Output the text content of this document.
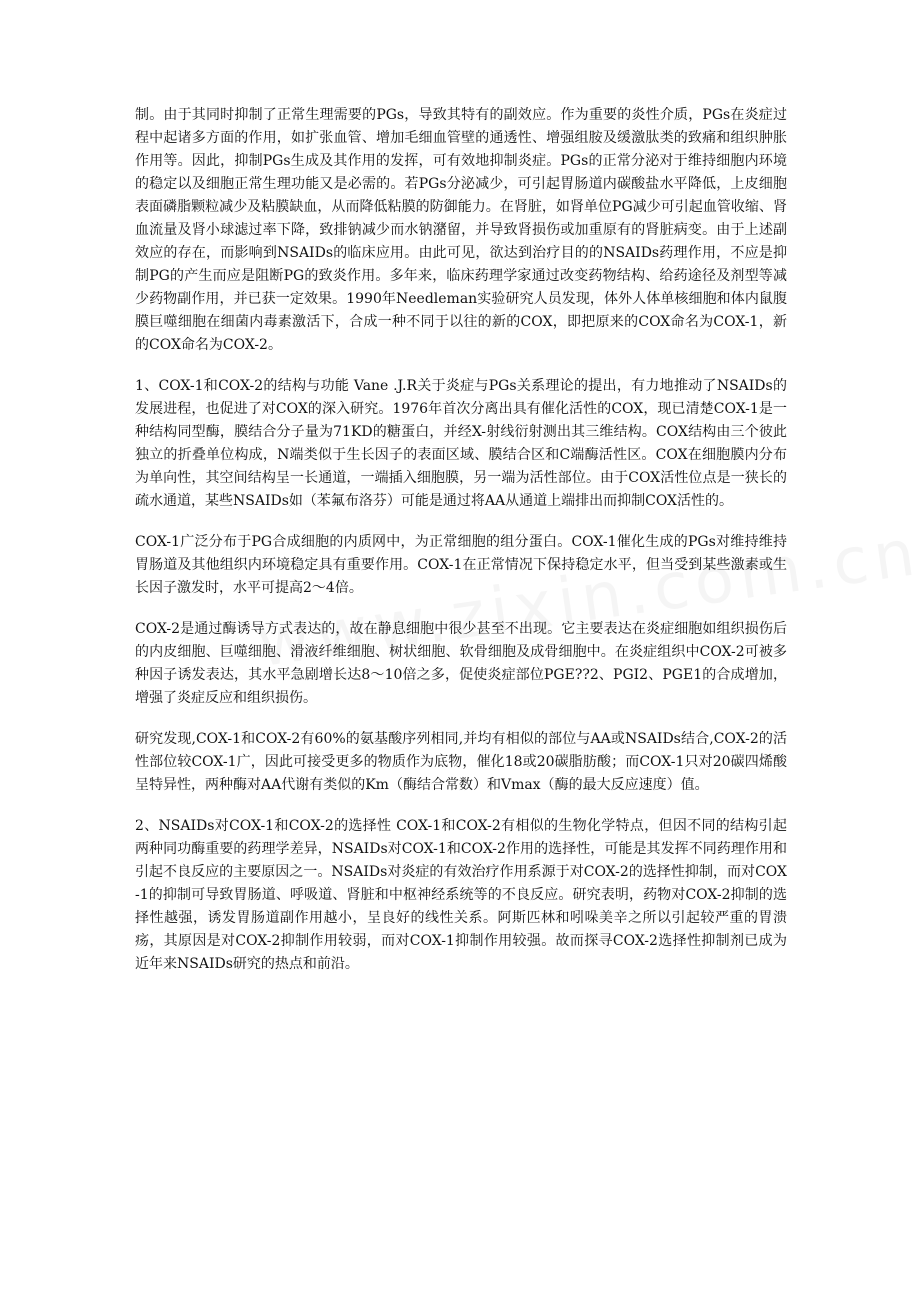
制。由于其同时抑制了正常生理需要的PGs，导致其特有的副效应。作为重要的炎性介质，PGs在炎症过程中起诸多方面的作用，如扩张血管、增加毛细血管壁的通透性、增强组胺及缓激肽类的致痛和组织肿胀作用等。因此，抑制PGs生成及其作用的发挥，可有效地抑制炎症。PGs的正常分泌对于维持细胞内环境的稳定以及细胞正常生理功能又是必需的。若PGs分泌减少，可引起胃肠道内碳酸盐水平降低，上皮细胞表面磷脂颗粒减少及粘膜缺血，从而降低粘膜的防御能力。在肾脏，如肾单位PG减少可引起血管收缩、肾血流量及肾小球滤过率下降，致排钠减少而水钠潴留，并导致肾损伤或加重原有的肾脏病变。由于上述副效应的存在，而影响到NSAIDs的临床应用。由此可见，欲达到治疗目的的NSAIDs药理作用，不应是抑制PG的产生而应是阻断PG的致炎作用。多年来，临床药理学家通过改变药物结构、给药途径及剂型等减少药物副作用，并已获一定效果。1990年Needleman实验研究人员发现，体外人体单核细胞和体内鼠腹膜巨噬细胞在细菌内毒素激活下，合成一种不同于以往的新的COX，即把原来的COX命名为COX-1，新的COX命名为COX-2。

1、COX-1和COX-2的结构与功能 Vane .J.R关于炎症与PGs关系理论的提出，有力地推动了NSAIDs的发展进程，也促进了对COX的深入研究。1976年首次分离出具有催化活性的COX，现已清楚COX-1是一种结构同型酶，膜结合分子量为71KD的糖蛋白，并经X-射线衍射测出其三维结构。COX结构由三个彼此独立的折叠单位构成，N端类似于生长因子的表面区域、膜结合区和C端酶活性区。COX在细胞膜内分布为单向性，其空间结构呈一长通道，一端插入细胞膜，另一端为活性部位。由于COX活性位点是一狭长的疏水通道，某些NSAIDs如（苯氟布洛芬）可能是通过将AA从通道上端排出而抑制COX活性的。

COX-1广泛分布于PG合成细胞的内质网中，为正常细胞的组分蛋白。COX-1催化生成的PGs对维持维持胃肠道及其他组织内环境稳定具有重要作用。COX-1在正常情况下保持稳定水平，但当受到某些激素或生长因子激发时，水平可提高2～4倍。

COX-2是通过酶诱导方式表达的，故在静息细胞中很少甚至不出现。它主要表达在炎症细胞如组织损伤后的内皮细胞、巨噬细胞、滑液纤维细胞、树状细胞、软骨细胞及成骨细胞中。在炎症组织中COX-2可被多种因子诱发表达，其水平急剧增长达8～10倍之多，促使炎症部位PGE??2、PGI2、PGE1的合成增加，增强了炎症反应和组织损伤。

研究发现,COX-1和COX-2有60%的氨基酸序列相同,并均有相似的部位与AA或NSAIDs结合,COX-2的活性部位较COX-1广，因此可接受更多的物质作为底物，催化18或20碳脂肪酸；而COX-1只对20碳四烯酸呈特异性，两种酶对AA代谢有类似的Km（酶结合常数）和Vmax（酶的最大反应速度）值。

2、NSAIDs对COX-1和COX-2的选择性 COX-1和COX-2有相似的生物化学特点，但因不同的结构引起两种同功酶重要的药理学差异，NSAIDs对COX-1和COX-2作用的选择性，可能是其发挥不同药理作用和引起不良反应的主要原因之一。NSAIDs对炎症的有效治疗作用系源于对COX-2的选择性抑制，而对COX-1的抑制可导致胃肠道、呼吸道、肾脏和中枢神经系统等的不良反应。研究表明，药物对COX-2抑制的选择性越强，诱发胃肠道副作用越小，呈良好的线性关系。阿斯匹林和吲哚美辛之所以引起较严重的胃溃疡，其原因是对COX-2抑制作用较弱，而对COX-1抑制作用较强。故而探寻COX-2选择性抑制剂已成为近年来NSAIDs研究的热点和前沿。
